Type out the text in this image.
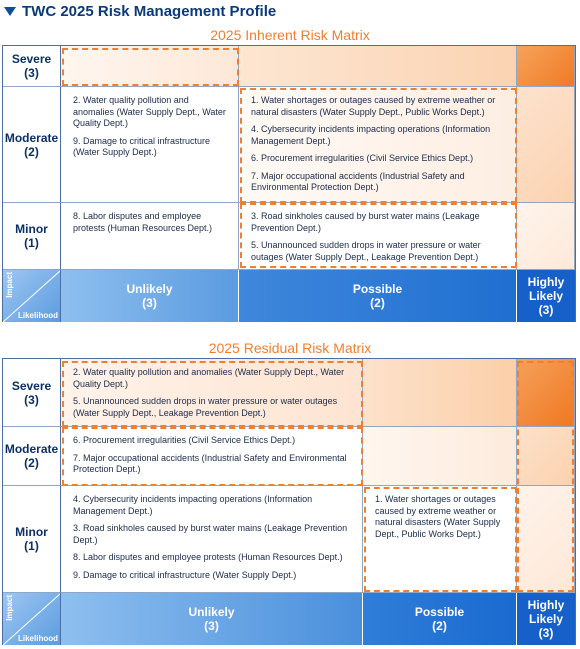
TWC 2025 Risk Management Profile
2025 Inherent Risk Matrix
Severe
(3)
Moderate
(2)
Minor
(1)
2. Water quality pollution and anomalies (Water Supply Dept., Water Quality Dept.)
9. Damage to critical infrastructure (Water Supply Dept.)
1. Water shortages or outages caused by extreme weather or natural disasters (Water Supply Dept., Public Works Dept.)
4. Cybersecurity incidents impacting operations (Information Management Dept.)
6. Procurement irregularities (Civil Service Ethics Dept.)
7. Major occupational accidents (Industrial Safety and Environmental Protection Dept.)
8. Labor disputes and employee protests (Human Resources Dept.)
3. Road sinkholes caused by burst water mains (Leakage Prevention Dept.)
5. Unannounced sudden drops in water pressure or water outages (Water Supply Dept., Leakage Prevention Dept.)
Impact
Likelihood
Unlikely
(3)
Possible
(2)
Highly Likely
(3)
2025 Residual Risk Matrix
Severe
(3)
Moderate
(2)
Minor
(1)
2. Water quality pollution and anomalies (Water Supply Dept., Water Quality Dept.)
5. Unannounced sudden drops in water pressure or water outages (Water Supply Dept., Leakage Prevention Dept.)
6. Procurement irregularities (Civil Service Ethics Dept.)
7. Major occupational accidents (Industrial Safety and Environmental Protection Dept.)
4. Cybersecurity incidents impacting operations (Information Management Dept.)
3. Road sinkholes caused by burst water mains (Leakage Prevention Dept.)
8. Labor disputes and employee protests (Human Resources Dept.)
9. Damage to critical infrastructure (Water Supply Dept.)
1. Water shortages or outages caused by extreme weather or natural disasters (Water Supply Dept., Public Works Dept.)
Impact
Likelihood
Unlikely
(3)
Possible
(2)
Highly Likely
(3)
